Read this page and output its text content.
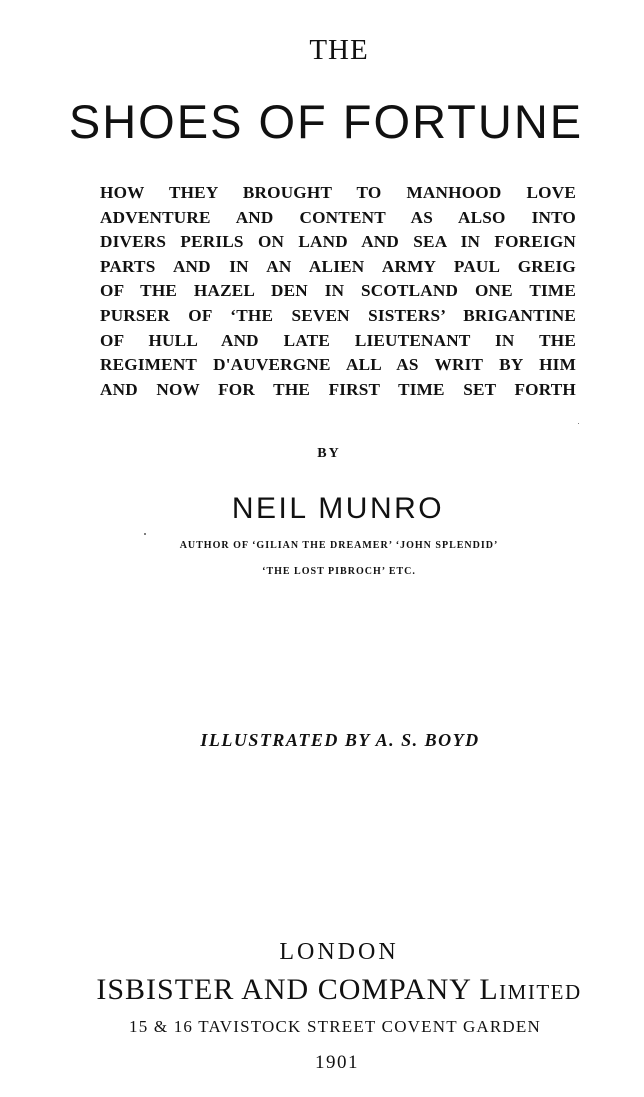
THE
SHOES OF FORTUNE
HOW THEY BROUGHT TO MANHOOD LOVE
ADVENTURE AND CONTENT AS ALSO INTO
DIVERS PERILS ON LAND AND SEA IN FOREIGN
PARTS AND IN AN ALIEN ARMY PAUL GREIG
OF THE HAZEL DEN IN SCOTLAND ONE TIME
PURSER OF ‘THE SEVEN SISTERS’ BRIGANTINE
OF HULL AND LATE LIEUTENANT IN THE
REGIMENT D'AUVERGNE ALL AS WRIT BY HIM
AND NOW FOR THE FIRST TIME SET FORTH
BY
NEIL MUNRO
AUTHOR OF ‘GILIAN THE DREAMER’ ‘JOHN SPLENDID’
‘THE LOST PIBROCH’ ETC.
ILLUSTRATED BY A. S. BOYD
LONDON
ISBISTER AND COMPANY Limited
15 & 16 TAVISTOCK STREET COVENT GARDEN
1901
